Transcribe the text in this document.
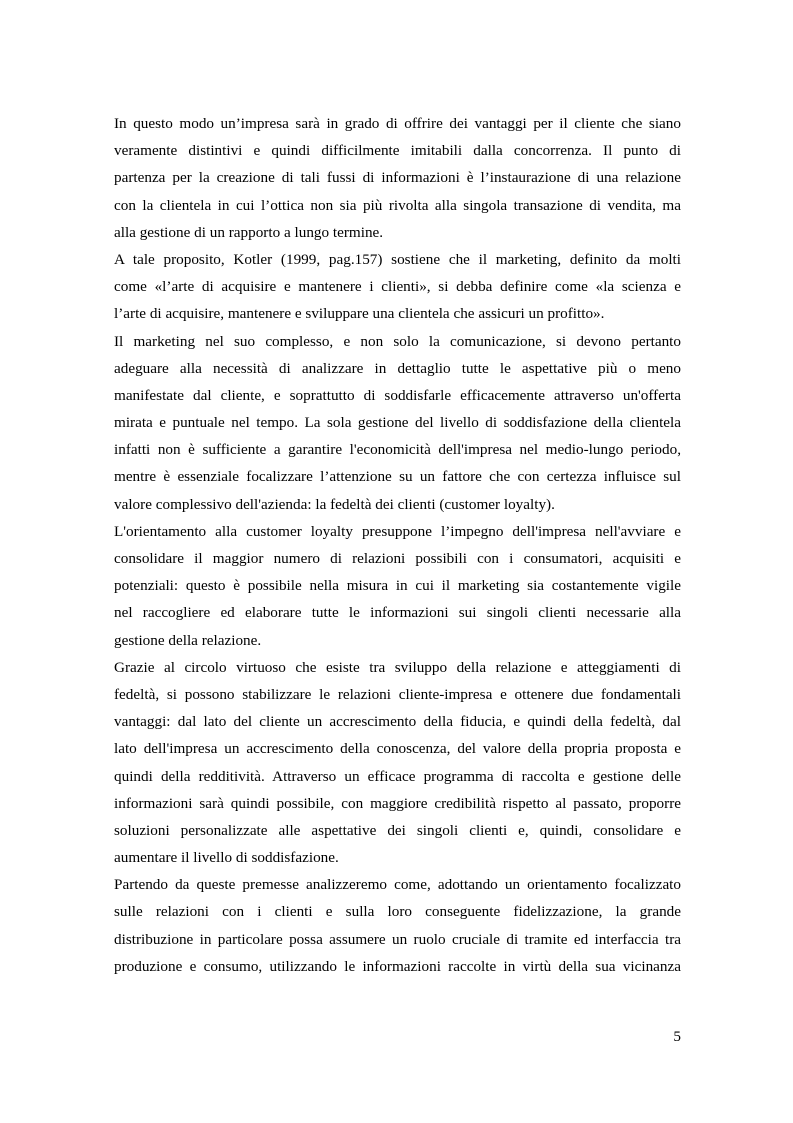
In questo modo un’impresa sarà in grado di offrire dei vantaggi per il cliente che siano
veramente distintivi e quindi difficilmente imitabili dalla concorrenza. Il punto di
partenza per la creazione di tali fussi di informazioni è l’instaurazione di una relazione
con la clientela in cui l’ottica non sia più rivolta alla singola transazione di vendita, ma
alla gestione di un rapporto a lungo termine.
A tale proposito, Kotler (1999, pag.157) sostiene che il marketing, definito da molti
come «l’arte di acquisire e mantenere i clienti», si debba definire come «la scienza e
l’arte di acquisire, mantenere e sviluppare una clientela che assicuri un profitto».
Il marketing nel suo complesso, e non solo la comunicazione, si devono pertanto
adeguare alla necessità di analizzare in dettaglio tutte le aspettative più o meno
manifestate dal cliente, e soprattutto di soddisfarle efficacemente attraverso un'offerta
mirata e puntuale nel tempo. La sola gestione del livello di soddisfazione della clientela
infatti non è sufficiente a garantire l'economicità dell'impresa nel medio-lungo periodo,
mentre è essenziale focalizzare l’attenzione su un fattore che con certezza influisce sul
valore complessivo dell'azienda: la fedeltà dei clienti (customer loyalty).
L'orientamento alla customer loyalty presuppone l’impegno dell'impresa nell'avviare e
consolidare il maggior numero di relazioni possibili con i consumatori, acquisiti e
potenziali: questo è possibile nella misura in cui il marketing sia costantemente vigile
nel raccogliere ed elaborare tutte le informazioni sui singoli clienti necessarie alla
gestione della relazione.
Grazie al circolo virtuoso che esiste tra sviluppo della relazione e atteggiamenti di
fedeltà, si possono stabilizzare le relazioni cliente-impresa e ottenere due fondamentali
vantaggi: dal lato del cliente un accrescimento della fiducia, e quindi della fedeltà, dal
lato dell'impresa un accrescimento della conoscenza, del valore della propria proposta e
quindi della redditività. Attraverso un efficace programma di raccolta e gestione delle
informazioni sarà quindi possibile, con maggiore credibilità rispetto al passato, proporre
soluzioni personalizzate alle aspettative dei singoli clienti e, quindi, consolidare e
aumentare il livello di soddisfazione.
Partendo da queste premesse analizzeremo come, adottando un orientamento focalizzato
sulle relazioni con i clienti e sulla loro conseguente fidelizzazione, la grande
distribuzione in particolare possa assumere un ruolo cruciale di tramite ed interfaccia tra
produzione e consumo, utilizzando le informazioni raccolte in virtù della sua vicinanza
5
